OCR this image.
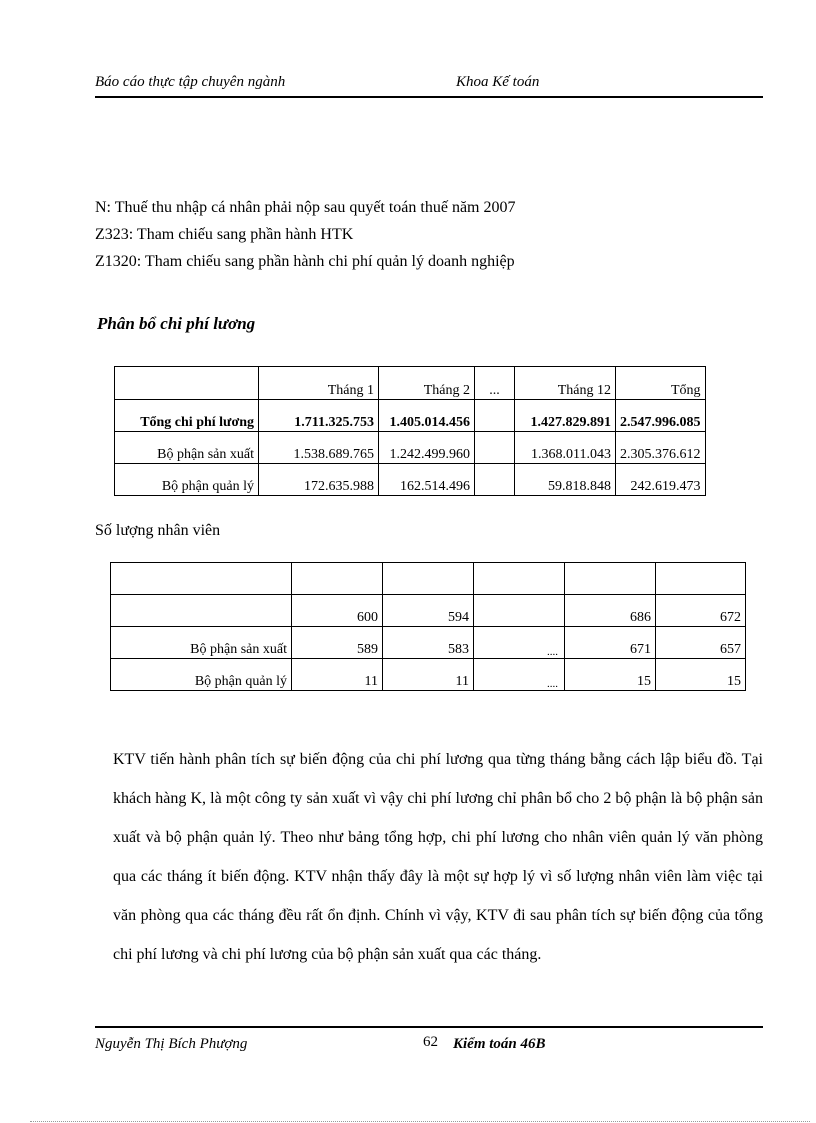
Báo cáo thực tập chuyên ngành	Khoa Kế toán
N: Thuế thu nhập cá nhân phải nộp sau quyết toán thuế năm 2007
Z323: Tham chiếu sang phần hành HTK
Z1320: Tham chiếu sang phần hành chi phí quản lý doanh nghiệp
Phân bổ chi phí lương
	Tháng 1	Tháng 2	...	Tháng 12	Tổng
Tổng chi phí lương	1.711.325.753	1.405.014.456		1.427.829.891	2.547.996.085
Bộ phận sản xuất	1.538.689.765	1.242.499.960		1.368.011.043	2.305.376.612
Bộ phận quản lý	172.635.988	162.514.496		59.818.848	242.619.473
Số lượng nhân viên

	600	594		686	672
Bộ phận sản xuất	589	583	....	671	657
Bộ phận quản lý	11	11	....	15	15
KTV tiến hành phân tích sự biến động của chi phí lương qua từng tháng bằng cách lập biểu đồ. Tại khách hàng K, là một công ty sản xuất vì vậy chi phí lương chỉ phân bổ cho 2 bộ phận là bộ phận sản xuất và bộ phận quản lý. Theo như bảng tổng hợp, chi phí lương cho nhân viên quản lý văn phòng qua các tháng ít biến động. KTV nhận thấy đây là một sự hợp lý vì số lượng nhân viên làm việc tại văn phòng qua các tháng đều rất ổn định. Chính vì vậy, KTV đi sau phân tích sự biến động của tổng chi phí lương và chi phí lương của bộ phận sản xuất qua các tháng.
Nguyễn Thị Bích Phượng	62 Kiểm toán 46B
